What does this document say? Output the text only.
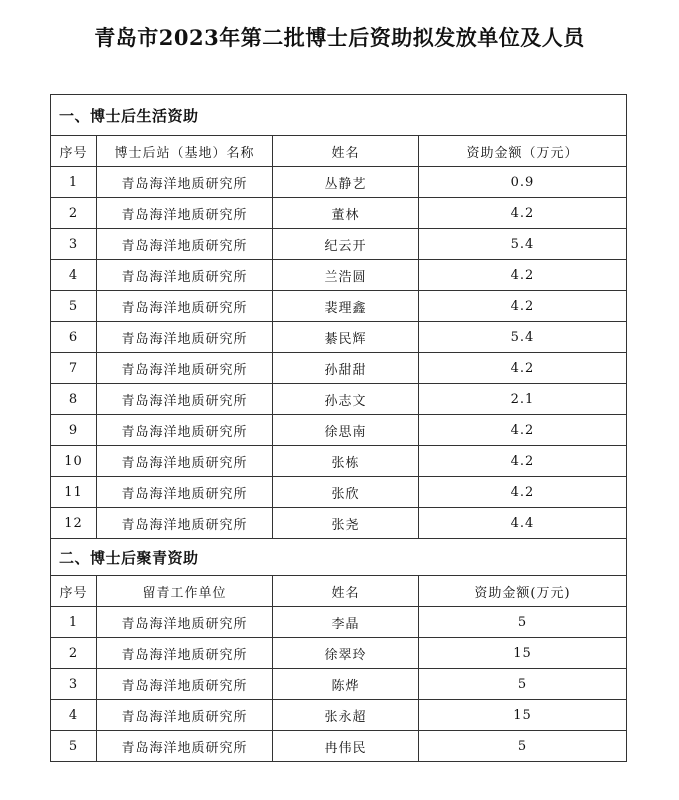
青岛市2023年第二批博士后资助拟发放单位及人员
一、博士后生活资助			
序号	博士后站（基地）名称	姓名	资助金额（万元）
1	青岛海洋地质研究所	丛静艺	0.9
2	青岛海洋地质研究所	董林	4.2
3	青岛海洋地质研究所	纪云开	5.4
4	青岛海洋地质研究所	兰浩圆	4.2
5	青岛海洋地质研究所	裴理鑫	4.2
6	青岛海洋地质研究所	綦民辉	5.4
7	青岛海洋地质研究所	孙甜甜	4.2
8	青岛海洋地质研究所	孙志文	2.1
9	青岛海洋地质研究所	徐思南	4.2
10	青岛海洋地质研究所	张栋	4.2
11	青岛海洋地质研究所	张欣	4.2
12	青岛海洋地质研究所	张尧	4.4
二、博士后聚青资助			
序号	留青工作单位	姓名	资助金额(万元)
1	青岛海洋地质研究所	李晶	5
2	青岛海洋地质研究所	徐翠玲	15
3	青岛海洋地质研究所	陈烨	5
4	青岛海洋地质研究所	张永超	15
5	青岛海洋地质研究所	冉伟民	5
